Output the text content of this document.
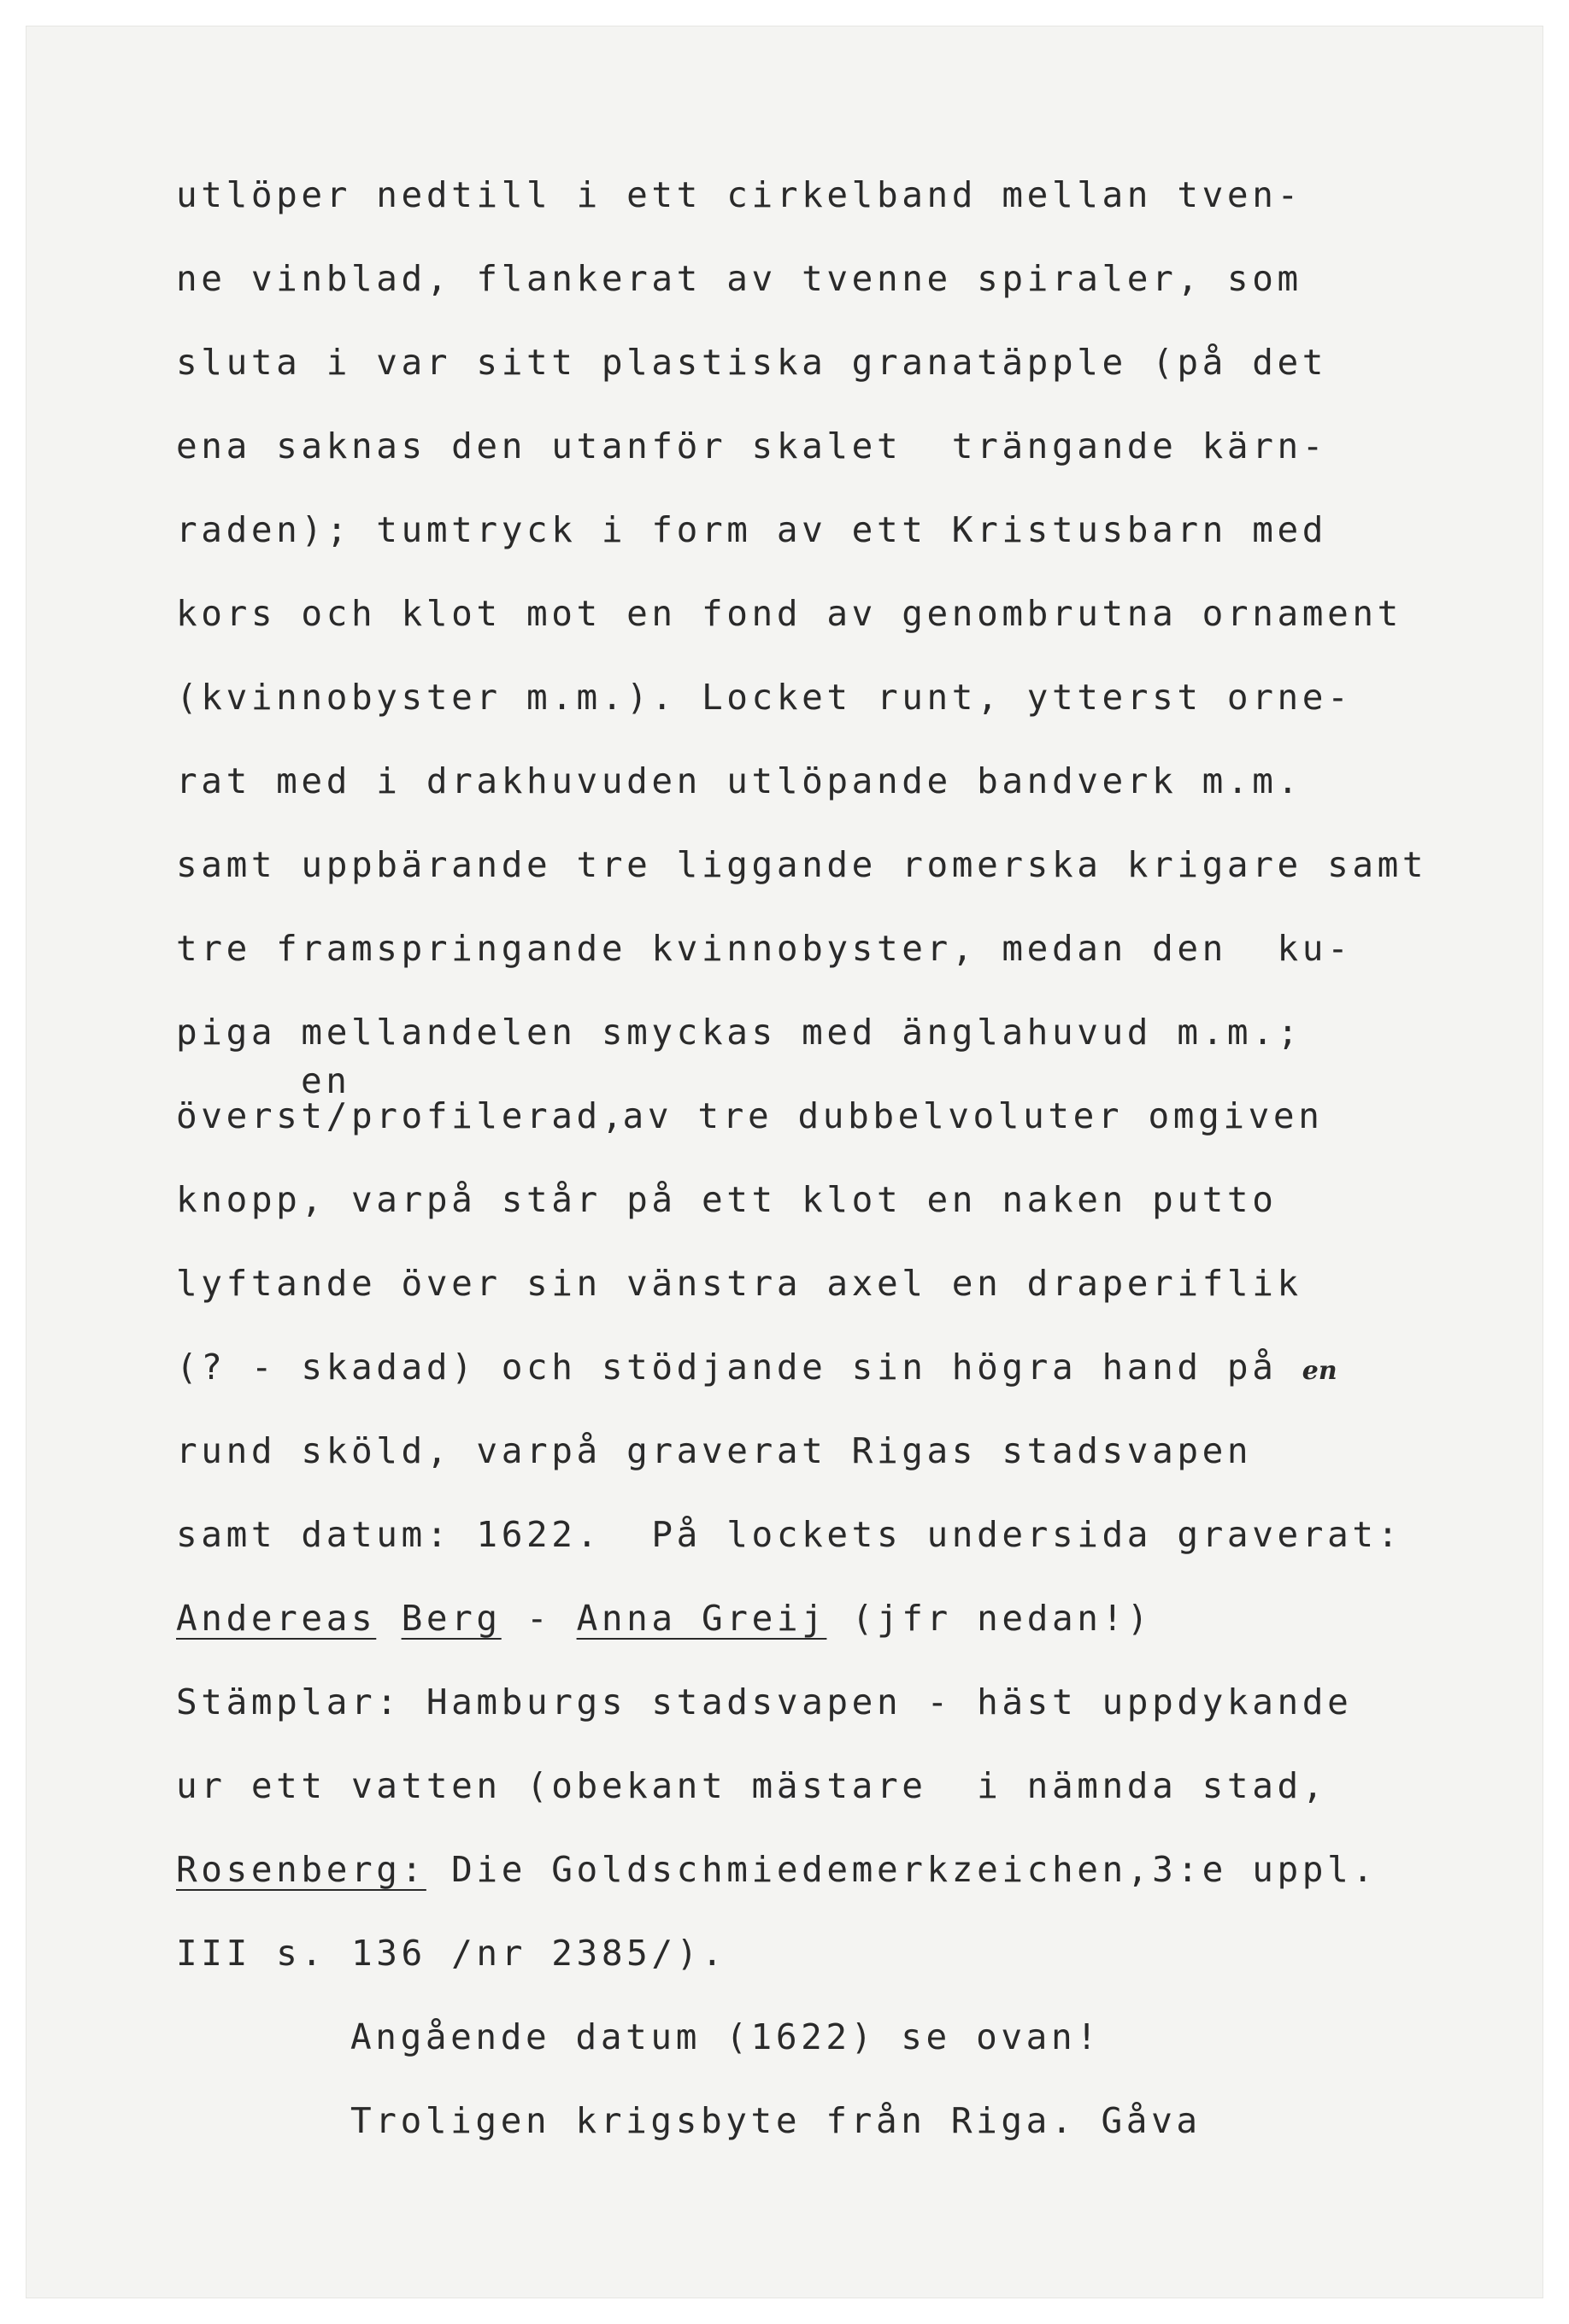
utlöper nedtill i ett cirkelband mellan tven-
ne vinblad, flankerat av tvenne spiraler, som
sluta i var sitt plastiska granatäpple (på det
ena saknas den utanför skalet  trängande kärn-
raden); tumtryck i form av ett Kristusbarn med
kors och klot mot en fond av genombrutna ornament
(kvinnobyster m.m.). Locket runt, ytterst orne-
rat med i drakhuvuden utlöpande bandverk m.m.
samt uppbärande tre liggande romerska krigare samt
tre framspringande kvinnobyster, medan den  ku-
piga mellandelen smyckas med änglahuvud m.m.;
en
överst/profilerad,av tre dubbelvoluter omgiven
knopp, varpå står på ett klot en naken putto
lyftande över sin vänstra axel en draperiflik
(? - skadad) och stödjande sin högra hand på en
rund sköld, varpå graverat Rigas stadsvapen
samt datum: 1622.  På lockets undersida graverat:
Andereas Berg - Anna Greij (jfr nedan!)
Stämplar: Hamburgs stadsvapen - häst uppdykande
ur ett vatten (obekant mästare  i nämnda stad,
Rosenberg: Die Goldschmiedemerkzeichen,3:e uppl.
III s. 136 /nr 2385/).
Angående datum (1622) se ovan!
Troligen krigsbyte från Riga. Gåva
